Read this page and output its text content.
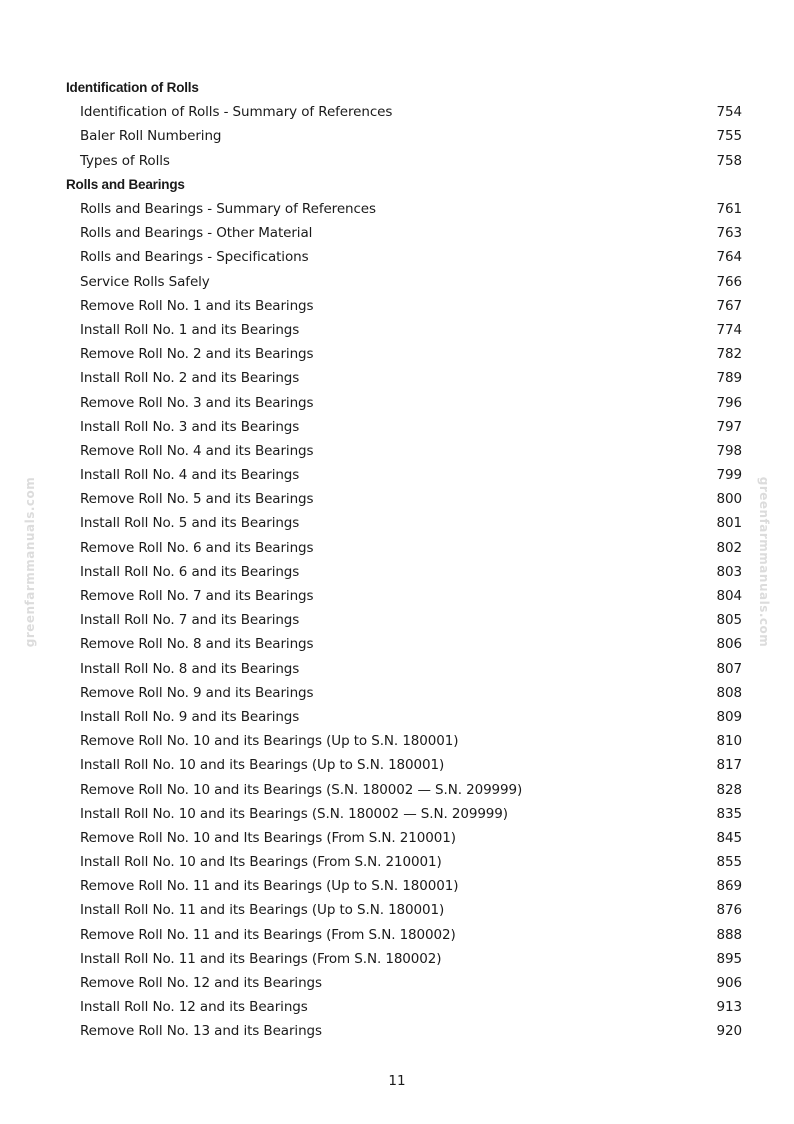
Identification of Rolls
Identification of Rolls - Summary of References	754
Baler Roll Numbering	755
Types of Rolls	758
Rolls and Bearings
Rolls and Bearings - Summary of References	761
Rolls and Bearings - Other Material	763
Rolls and Bearings - Specifications	764
Service Rolls Safely	766
Remove Roll No. 1 and its Bearings	767
Install Roll No. 1 and its Bearings	774
Remove Roll No. 2 and its Bearings	782
Install Roll No. 2 and its Bearings	789
Remove Roll No. 3 and its Bearings	796
Install Roll No. 3 and its Bearings	797
Remove Roll No. 4 and its Bearings	798
Install Roll No. 4 and its Bearings	799
Remove Roll No. 5 and its Bearings	800
Install Roll No. 5 and its Bearings	801
Remove Roll No. 6 and its Bearings	802
Install Roll No. 6 and its Bearings	803
Remove Roll No. 7 and its Bearings	804
Install Roll No. 7 and its Bearings	805
Remove Roll No. 8 and its Bearings	806
Install Roll No. 8 and its Bearings	807
Remove Roll No. 9 and its Bearings	808
Install Roll No. 9 and its Bearings	809
Remove Roll No. 10 and its Bearings (Up to S.N. 180001)	810
Install Roll No. 10 and its Bearings (Up to S.N. 180001)	817
Remove Roll No. 10 and its Bearings (S.N. 180002 — S.N. 209999)	828
Install Roll No. 10 and its Bearings (S.N. 180002 — S.N. 209999)	835
Remove Roll No. 10 and Its Bearings (From S.N. 210001)	845
Install Roll No. 10 and Its Bearings (From S.N. 210001)	855
Remove Roll No. 11 and its Bearings (Up to S.N. 180001)	869
Install Roll No. 11 and its Bearings (Up to S.N. 180001)	876
Remove Roll No. 11 and its Bearings (From S.N. 180002)	888
Install Roll No. 11 and its Bearings (From S.N. 180002)	895
Remove Roll No. 12 and its Bearings	906
Install Roll No. 12 and its Bearings	913
Remove Roll No. 13 and its Bearings	920
greenfarmmanuals.com	greenfarmmanuals.com
11
